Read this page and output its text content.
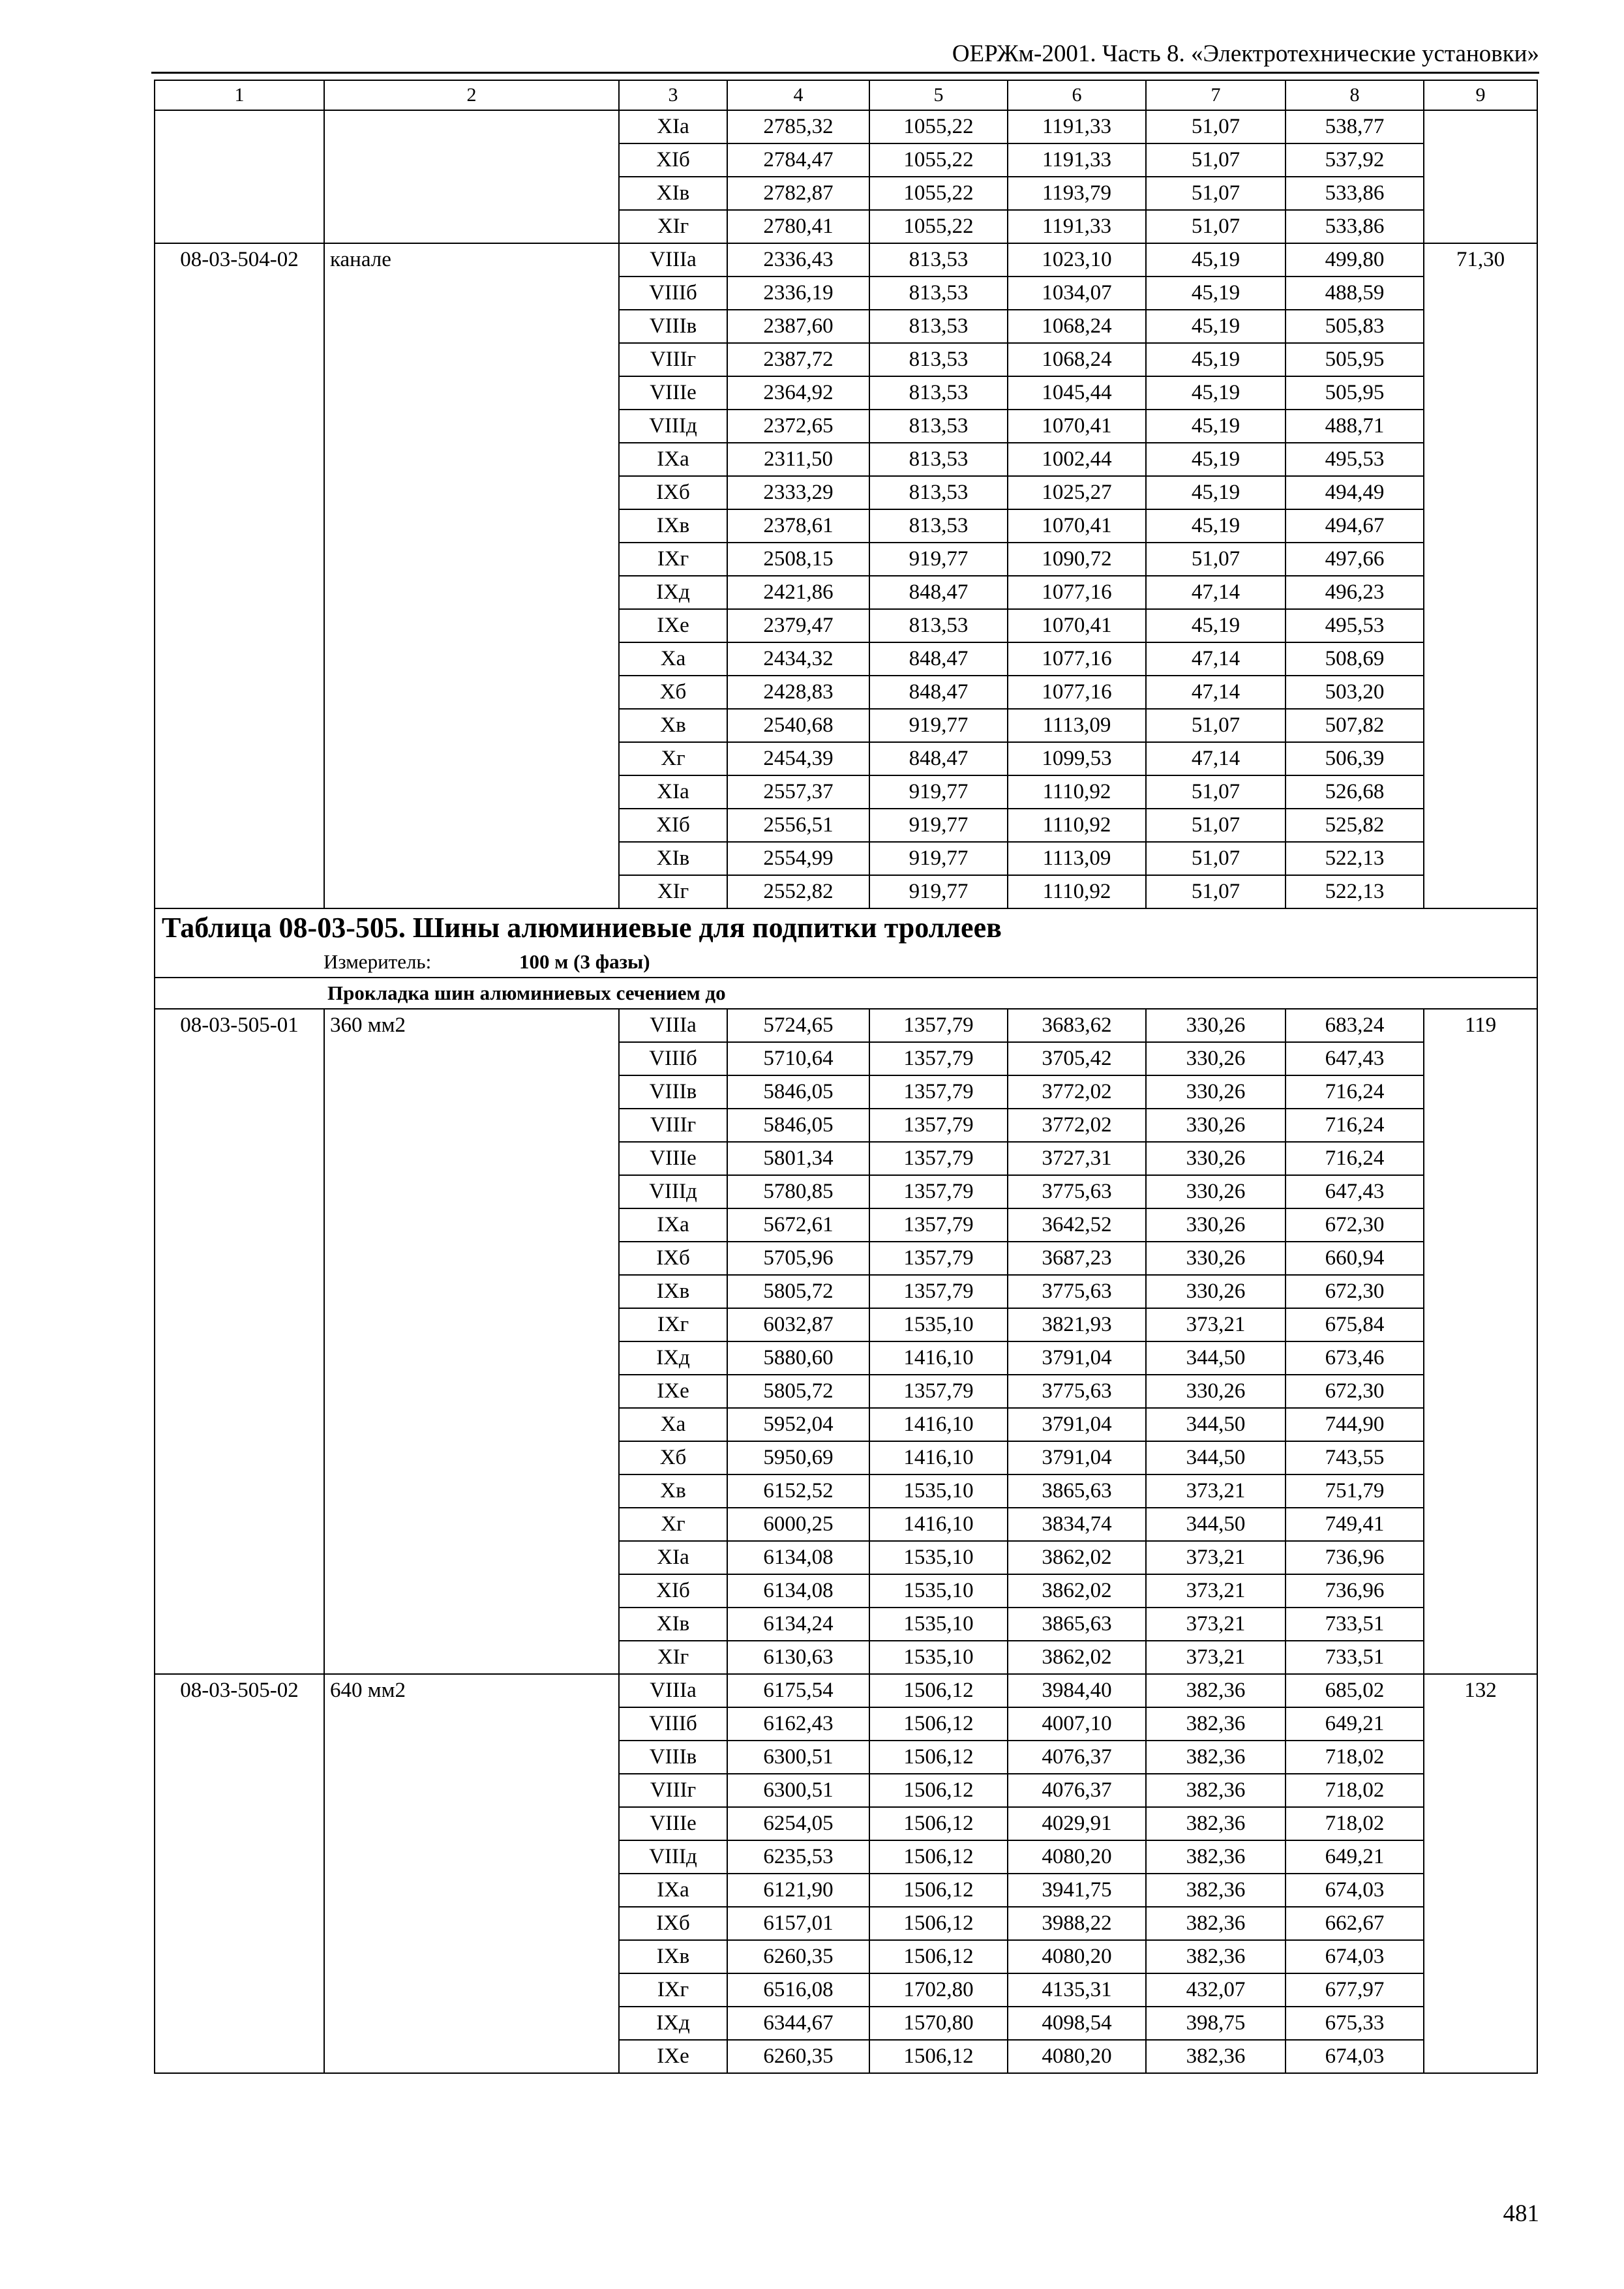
ОЕРЖм-2001. Часть 8. «Электротехнические установки»
1	2	3	4	5	6	7	8	9
		XIа	2785,32	1055,22	1191,33	51,07	538,77	
		XIб	2784,47	1055,22	1191,33	51,07	537,92	
		XIв	2782,87	1055,22	1193,79	51,07	533,86	
		XIг	2780,41	1055,22	1191,33	51,07	533,86	
08-03-504-02	канале	VIIIа	2336,43	813,53	1023,10	45,19	499,80	71,30
		VIIIб	2336,19	813,53	1034,07	45,19	488,59	
		VIIIв	2387,60	813,53	1068,24	45,19	505,83	
		VIIIг	2387,72	813,53	1068,24	45,19	505,95	
		VIIIе	2364,92	813,53	1045,44	45,19	505,95	
		VIIIд	2372,65	813,53	1070,41	45,19	488,71	
		IXа	2311,50	813,53	1002,44	45,19	495,53	
		IXб	2333,29	813,53	1025,27	45,19	494,49	
		IXв	2378,61	813,53	1070,41	45,19	494,67	
		IXг	2508,15	919,77	1090,72	51,07	497,66	
		IXд	2421,86	848,47	1077,16	47,14	496,23	
		IXе	2379,47	813,53	1070,41	45,19	495,53	
		Xа	2434,32	848,47	1077,16	47,14	508,69	
		Xб	2428,83	848,47	1077,16	47,14	503,20	
		Xв	2540,68	919,77	1113,09	51,07	507,82	
		Xг	2454,39	848,47	1099,53	47,14	506,39	
		XIа	2557,37	919,77	1110,92	51,07	526,68	
		XIб	2556,51	919,77	1110,92	51,07	525,82	
		XIв	2554,99	919,77	1113,09	51,07	522,13	
		XIг	2552,82	919,77	1110,92	51,07	522,13	
Таблица 08-03-505. Шины алюминиевые для подпитки троллеев								
Измеритель: 100 м (3 фазы)								
Прокладка шин алюминиевых сечением до								
08-03-505-01	360 мм2	VIIIа	5724,65	1357,79	3683,62	330,26	683,24	119
		VIIIб	5710,64	1357,79	3705,42	330,26	647,43	
		VIIIв	5846,05	1357,79	3772,02	330,26	716,24	
		VIIIг	5846,05	1357,79	3772,02	330,26	716,24	
		VIIIе	5801,34	1357,79	3727,31	330,26	716,24	
		VIIIд	5780,85	1357,79	3775,63	330,26	647,43	
		IXа	5672,61	1357,79	3642,52	330,26	672,30	
		IXб	5705,96	1357,79	3687,23	330,26	660,94	
		IXв	5805,72	1357,79	3775,63	330,26	672,30	
		IXг	6032,87	1535,10	3821,93	373,21	675,84	
		IXд	5880,60	1416,10	3791,04	344,50	673,46	
		IXе	5805,72	1357,79	3775,63	330,26	672,30	
		Xа	5952,04	1416,10	3791,04	344,50	744,90	
		Xб	5950,69	1416,10	3791,04	344,50	743,55	
		Xв	6152,52	1535,10	3865,63	373,21	751,79	
		Xг	6000,25	1416,10	3834,74	344,50	749,41	
		XIа	6134,08	1535,10	3862,02	373,21	736,96	
		XIб	6134,08	1535,10	3862,02	373,21	736,96	
		XIв	6134,24	1535,10	3865,63	373,21	733,51	
		XIг	6130,63	1535,10	3862,02	373,21	733,51	
08-03-505-02	640 мм2	VIIIа	6175,54	1506,12	3984,40	382,36	685,02	132
		VIIIб	6162,43	1506,12	4007,10	382,36	649,21	
		VIIIв	6300,51	1506,12	4076,37	382,36	718,02	
		VIIIг	6300,51	1506,12	4076,37	382,36	718,02	
		VIIIе	6254,05	1506,12	4029,91	382,36	718,02	
		VIIIд	6235,53	1506,12	4080,20	382,36	649,21	
		IXа	6121,90	1506,12	3941,75	382,36	674,03	
		IXб	6157,01	1506,12	3988,22	382,36	662,67	
		IXв	6260,35	1506,12	4080,20	382,36	674,03	
		IXг	6516,08	1702,80	4135,31	432,07	677,97	
		IXд	6344,67	1570,80	4098,54	398,75	675,33	
		IXе	6260,35	1506,12	4080,20	382,36	674,03	
481
